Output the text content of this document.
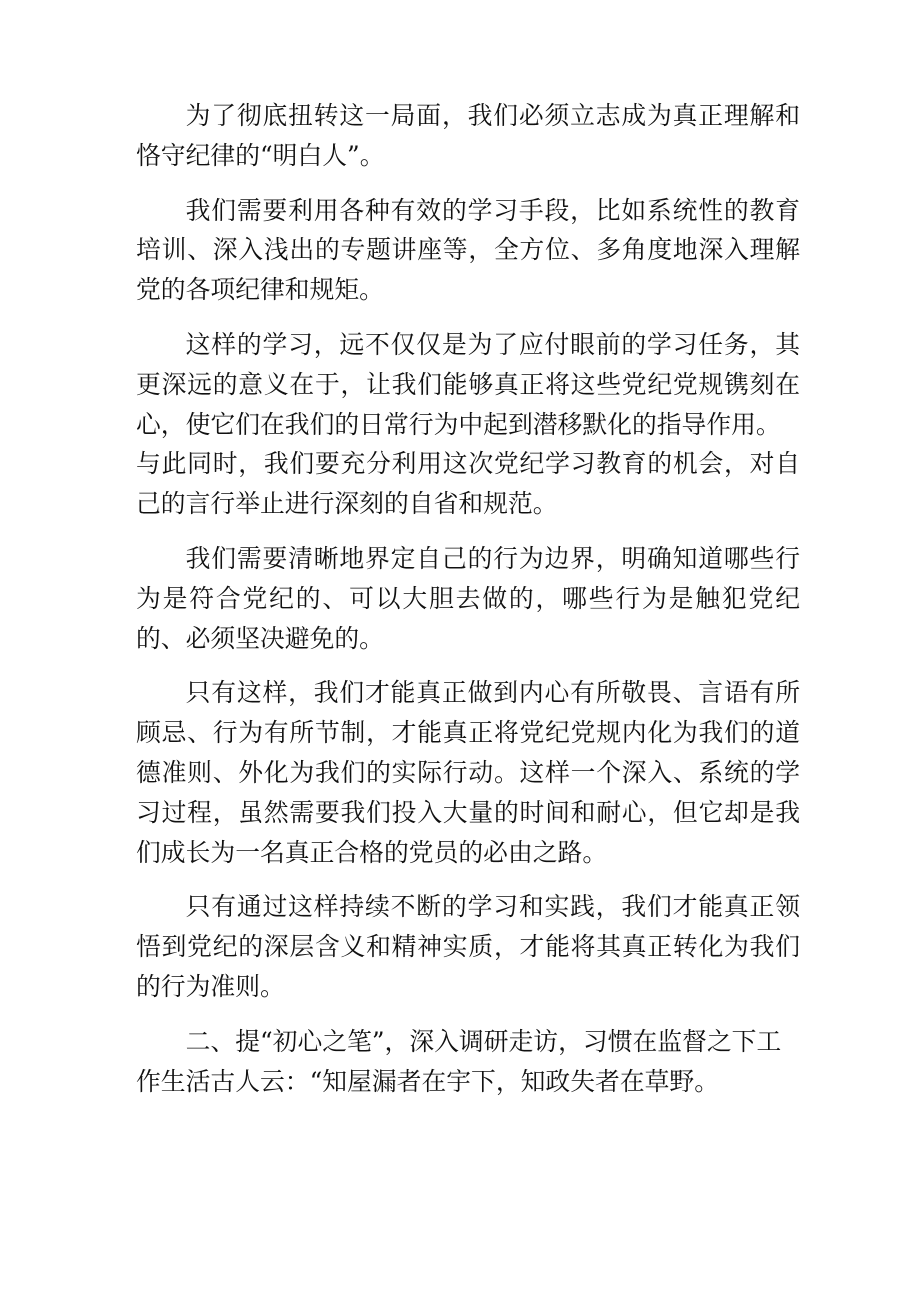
为了彻底扭转这一局面，我们必须立志成为真正理解和恪守纪律的“明白人”。

我们需要利用各种有效的学习手段，比如系统性的教育培训、深入浅出的专题讲座等，全方位、多角度地深入理解党的各项纪律和规矩。

这样的学习，远不仅仅是为了应付眼前的学习任务，其更深远的意义在于，让我们能够真正将这些党纪党规镌刻在心，使它们在我们的日常行为中起到潜移默化的指导作用。

与此同时，我们要充分利用这次党纪学习教育的机会，对自己的言行举止进行深刻的自省和规范。

我们需要清晰地界定自己的行为边界，明确知道哪些行为是符合党纪的、可以大胆去做的，哪些行为是触犯党纪的、必须坚决避免的。

只有这样，我们才能真正做到内心有所敬畏、言语有所顾忌、行为有所节制，才能真正将党纪党规内化为我们的道德准则、外化为我们的实际行动。这样一个深入、系统的学习过程，虽然需要我们投入大量的时间和耐心，但它却是我们成长为一名真正合格的党员的必由之路。

只有通过这样持续不断的学习和实践，我们才能真正领悟到党纪的深层含义和精神实质，才能将其真正转化为我们的行为准则。

二、提“初心之笔”，深入调研走访，习惯在监督之下工作生活古人云：“知屋漏者在宇下，知政失者在草野。
